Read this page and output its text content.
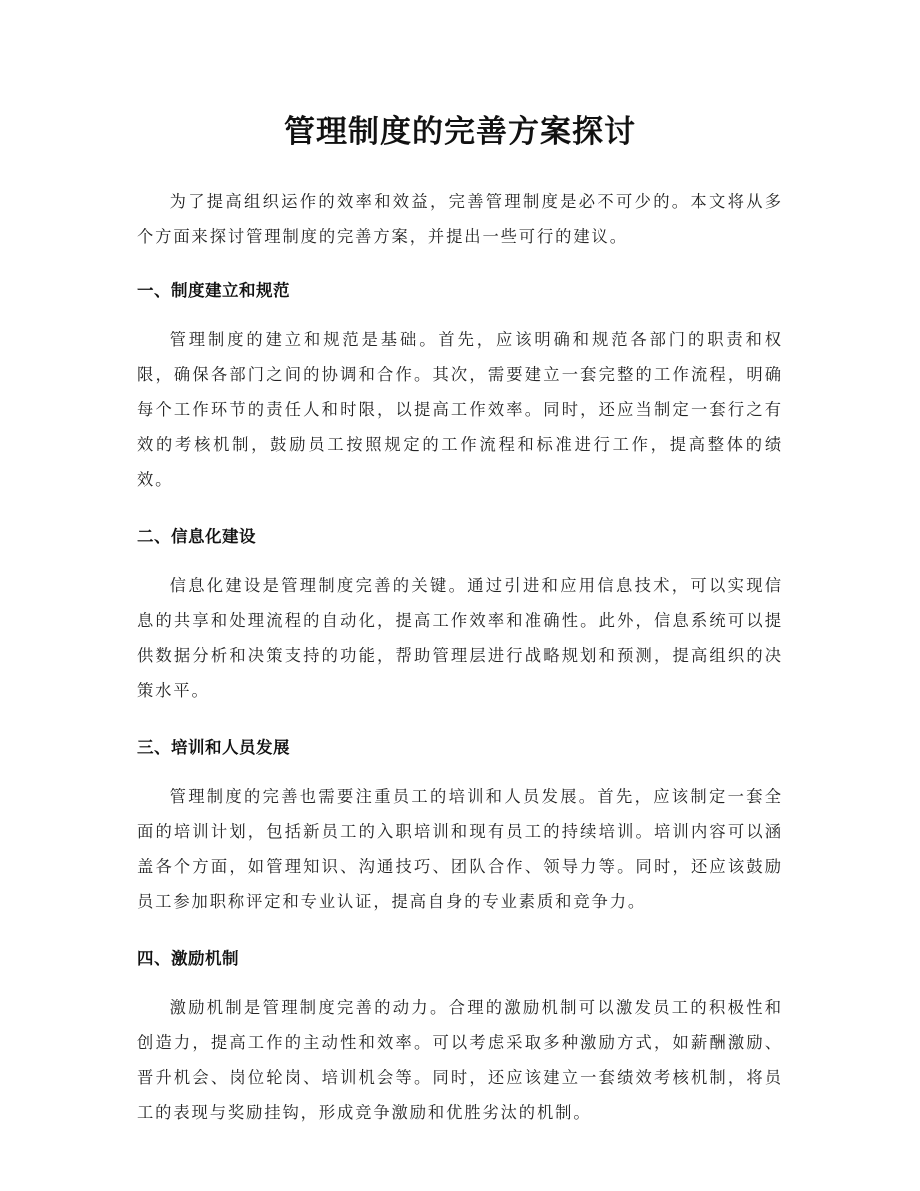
管理制度的完善方案探讨

为了提高组织运作的效率和效益，完善管理制度是必不可少的。本文将从多个方面来探讨管理制度的完善方案，并提出一些可行的建议。

一、制度建立和规范

管理制度的建立和规范是基础。首先，应该明确和规范各部门的职责和权限，确保各部门之间的协调和合作。其次，需要建立一套完整的工作流程，明确每个工作环节的责任人和时限，以提高工作效率。同时，还应当制定一套行之有效的考核机制，鼓励员工按照规定的工作流程和标准进行工作，提高整体的绩效。

二、信息化建设

信息化建设是管理制度完善的关键。通过引进和应用信息技术，可以实现信息的共享和处理流程的自动化，提高工作效率和准确性。此外，信息系统可以提供数据分析和决策支持的功能，帮助管理层进行战略规划和预测，提高组织的决策水平。

三、培训和人员发展

管理制度的完善也需要注重员工的培训和人员发展。首先，应该制定一套全面的培训计划，包括新员工的入职培训和现有员工的持续培训。培训内容可以涵盖各个方面，如管理知识、沟通技巧、团队合作、领导力等。同时，还应该鼓励员工参加职称评定和专业认证，提高自身的专业素质和竞争力。

四、激励机制

激励机制是管理制度完善的动力。合理的激励机制可以激发员工的积极性和创造力，提高工作的主动性和效率。可以考虑采取多种激励方式，如薪酬激励、晋升机会、岗位轮岗、培训机会等。同时，还应该建立一套绩效考核机制，将员工的表现与奖励挂钩，形成竞争激励和优胜劣汰的机制。
